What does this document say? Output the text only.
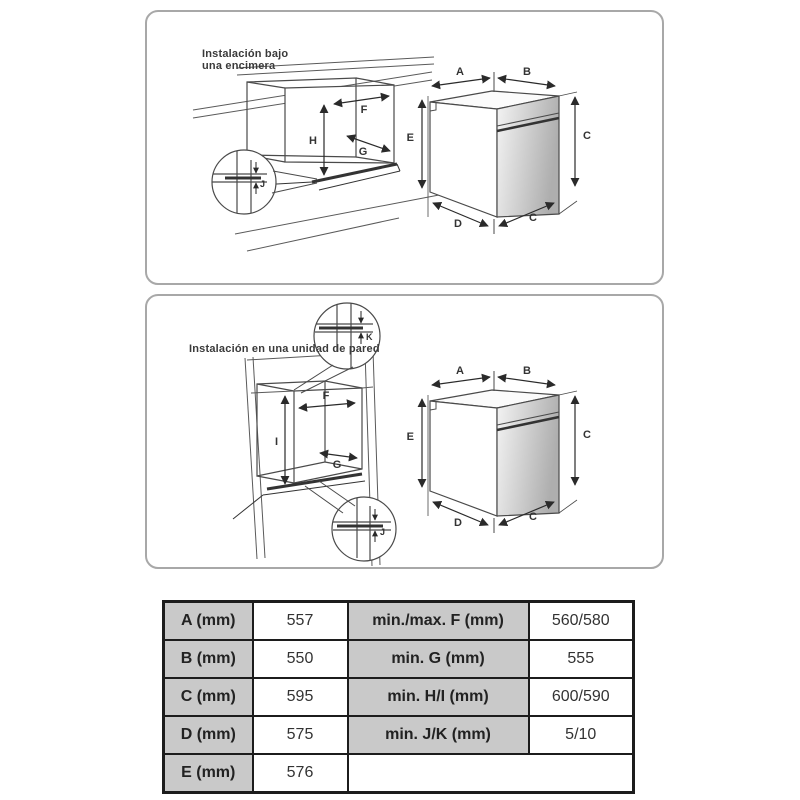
J
H
F
G
A	B
E	C
D	C
Instalación bajo
una encimera
K
J
I
F
G
A	B
E	C
D	C
Instalación en una unidad de pared
A (mm)	557	min./max. F (mm)	560/580
B (mm)	550	min. G (mm)	555
C (mm)	595	min. H/I (mm)	600/590
D (mm)	575	min. J/K (mm)	5/10
E (mm)	576		
